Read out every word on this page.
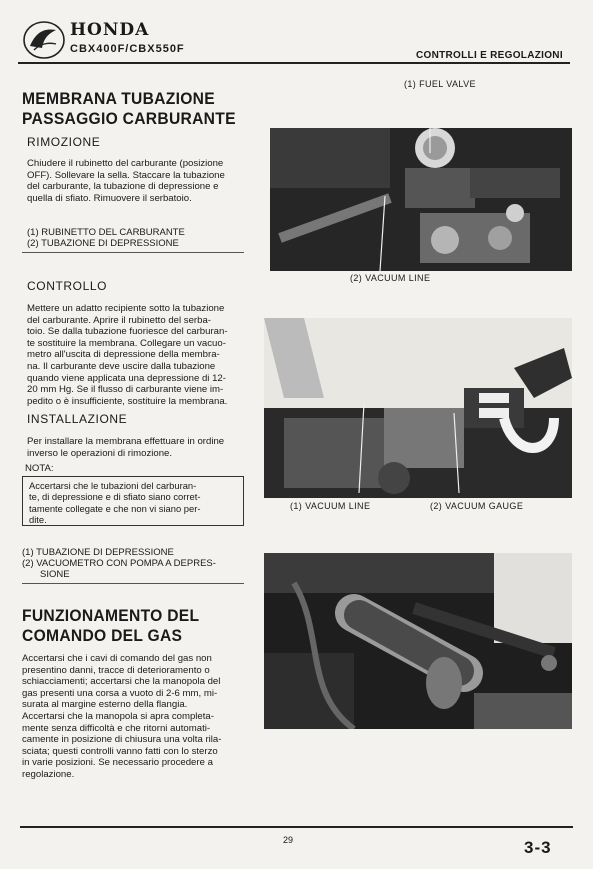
HONDA
CBX400F/CBX550F
CONTROLLI E REGOLAZIONI
MEMBRANA TUBAZIONE
PASSAGGIO CARBURANTE
RIMOZIONE
Chiudere il rubinetto del carburante (posizione
OFF). Sollevare la sella. Staccare la tubazione
del carburante, la tubazione di depressione e
quella di sfiato. Rimuovere il serbatoio.
(1) RUBINETTO DEL CARBURANTE
(2) TUBAZIONE DI DEPRESSIONE
CONTROLLO
Mettere un adatto recipiente sotto la tubazione
del carburante. Aprire il rubinetto del serba-
toio. Se dalla tubazione fuoriesce del carburan-
te sostituire la membrana. Collegare un vacuo-
metro all'uscita di depressione della membra-
na. Il carburante deve uscire dalla tubazione
quando viene applicata una depressione di 12-
20 mm Hg. Se il flusso di carburante viene im-
pedito o è insufficiente, sostituire la membrana.
INSTALLAZIONE
Per installare la membrana effettuare in ordine
inverso le operazioni di rimozione.
NOTA:
Accertarsi che le tubazioni del carburan-
te, di depressione e di sfiato siano corret-
tamente collegate e che non vi siano per-
dite.
(1) TUBAZIONE DI DEPRESSIONE
(2) VACUOMETRO CON POMPA A DEPRES-
SIONE
FUNZIONAMENTO DEL
COMANDO DEL GAS
Accertarsi che i cavi di comando del gas non
presentino danni, tracce di deterioramento o
schiacciamenti; accertarsi che la manopola del
gas presenti una corsa a vuoto di 2-6 mm, mi-
surata al margine esterno della flangia.
Accertarsi che la manopola si apra completa-
mente senza difficoltà e che ritorni automati-
camente in posizione di chiusura una volta rila-
sciata; questi controlli vanno fatti con lo sterzo
in varie posizioni. Se necessario procedere a
regolazione.
(1) FUEL VALVE
(2) VACUUM LINE
(1) VACUUM LINE	(2) VACUUM GAUGE
29	3-3
